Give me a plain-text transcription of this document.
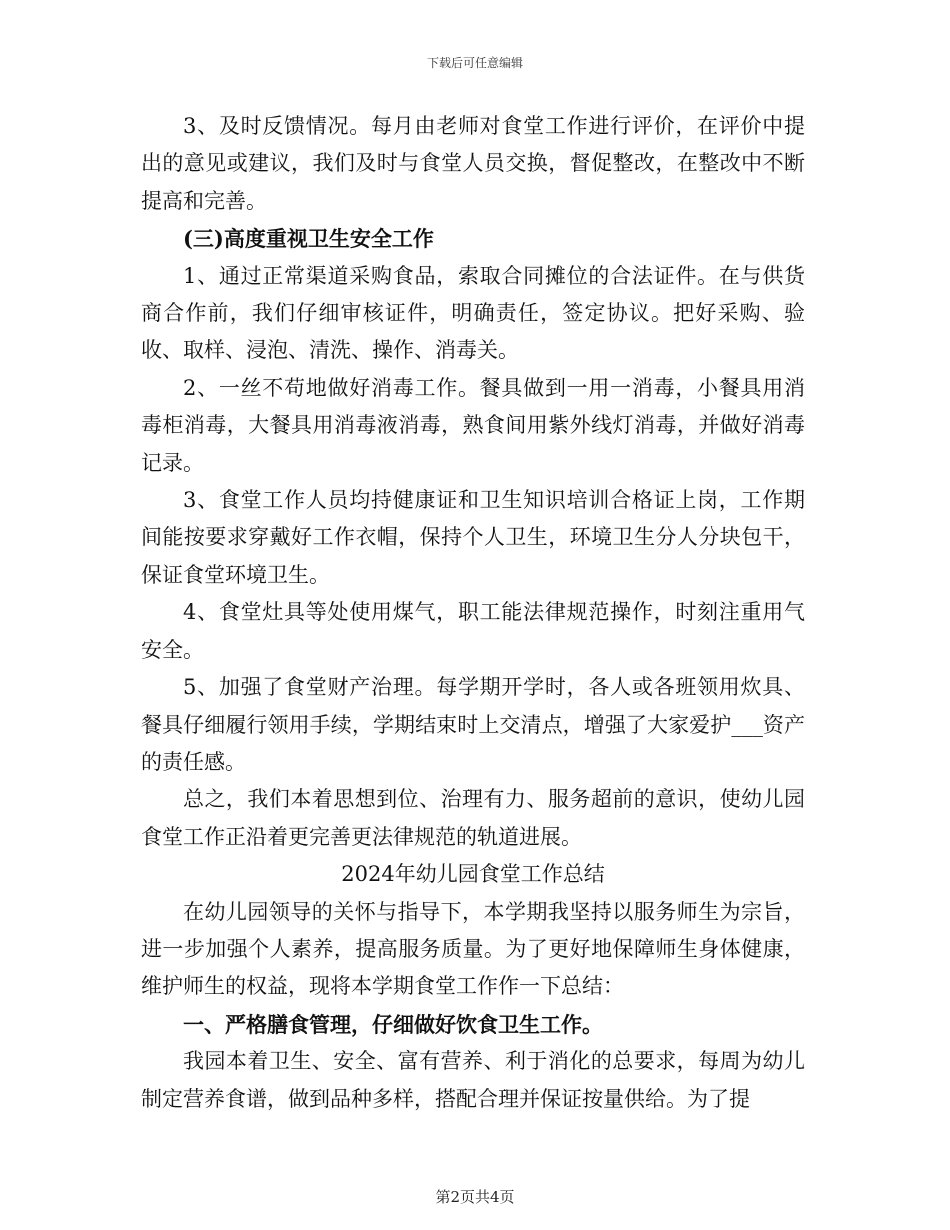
下载后可任意编辑

3、及时反馈情况。每月由老师对食堂工作进行评价，在评价中提出的意见或建议，我们及时与食堂人员交换，督促整改，在整改中不断提高和完善。

(三)高度重视卫生安全工作

1、通过正常渠道采购食品，索取合同摊位的合法证件。在与供货商合作前，我们仔细审核证件，明确责任，签定协议。把好采购、验收、取样、浸泡、清洗、操作、消毒关。

2、一丝不苟地做好消毒工作。餐具做到一用一消毒，小餐具用消毒柜消毒，大餐具用消毒液消毒，熟食间用紫外线灯消毒，并做好消毒记录。

3、食堂工作人员均持健康证和卫生知识培训合格证上岗，工作期间能按要求穿戴好工作衣帽，保持个人卫生，环境卫生分人分块包干，保证食堂环境卫生。

4、食堂灶具等处使用煤气，职工能法律规范操作，时刻注重用气安全。

5、加强了食堂财产治理。每学期开学时，各人或各班领用炊具、餐具仔细履行领用手续，学期结束时上交清点，增强了大家爱护___资产的责任感。

总之，我们本着思想到位、治理有力、服务超前的意识，使幼儿园食堂工作正沿着更完善更法律规范的轨道进展。

2024年幼儿园食堂工作总结

在幼儿园领导的关怀与指导下，本学期我坚持以服务师生为宗旨，进一步加强个人素养，提高服务质量。为了更好地保障师生身体健康，维护师生的权益，现将本学期食堂工作作一下总结：

一、严格膳食管理，仔细做好饮食卫生工作。

我园本着卫生、安全、富有营养、利于消化的总要求，每周为幼儿制定营养食谱，做到品种多样，搭配合理并保证按量供给。为了提

第2页共4页
